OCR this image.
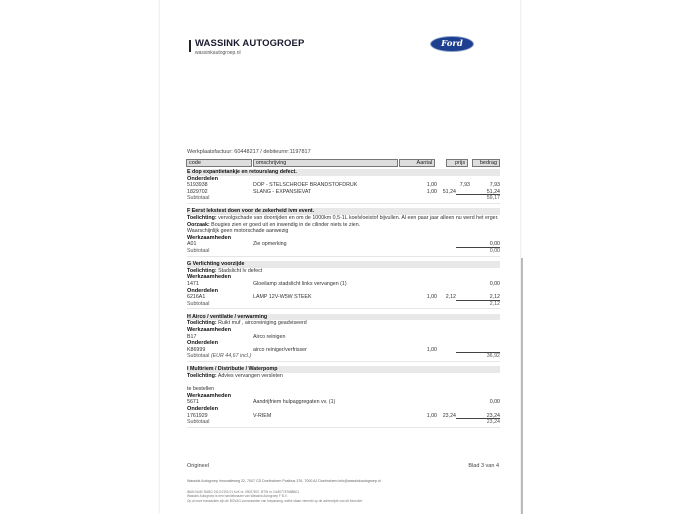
WASSINK AUTOGROEP
wassinkautogroep.nl
Ford
Werkplaatsfactuur: 60448217 / debiteurnr:1197817
code	omschrijving	Aantal	prijs	bedrag
E dop expantietankje en retourslang defect.
Onderdelen
5193938	DOP - STELSCHROEF BRANDSTOFDRUK	1,00	7,93	7,93
1829702	SLANG - EXPANSIEVAT	1,00	51,24	51,24
Subtotaal	59,17
F Eerst lekstest doen voor de zekerheid ivm event.
Toelichting: vervolgschade van doorrijden en om de 1000km 0,5-1L koelvloeistof bijvullen. Al een paar jaar alleen nu werd het erger.
Oorzaak: Bougies zien er goed uit en inwendig in de cilinder niets te zien.
Waarschijnlijk geen motorschade aanwezig
Werkzaamheden
A01	Zie opmerking	0,00
Subtotaal	0,00
G Verlichting voorzijde
Toelichting: Stadslicht lv defect
Werkzaamheden
1471	Gloeilamp stadslicht links vervangen (1)	0,00
Onderdelen
6216A1	LAMP 12V-W5W STEEK	1,00	2,12	2,12
Subtotaal	2,12
H Airco / ventilatie / verwarming
Toelichting: Ruikt muf , aircoreiniging geadviseerd
Werkzaamheden
B17	Airco reinigen
Onderdelen
K86999	airco reiniger/verfrisser	1,00
Subtotaal (EUR 44,67 incl.)	36,92
I Multiriem / Distributie / Waterpomp
Toelichting: Advies vervangen versleten
te bestellen
Werkzaamheden
5671	Aandrijfriem hulpaggregaten vv. (1)	0,00
Onderdelen
1761929	V-RIEM	1,00	23,24	23,24
Subtotaal	23,24
Origineel	Blad 3 van 4
Wassink Autogroep Innovatieweg 22, 7007 CD Doetinchem Postbus 376, 7000 AJ Doetinchem info@wassinkautogroep.nl
IBAN NL80 RABO 0113 0193 01 KvK nr. 09027807, BTW nr. NL807787688B01
Wassink Autogroep is een handelsnaam van Wassink Autogroep F B.V.
Op al onze transacties zijn de BOVAG-voorwaarden van toepassing, welke staan vermeld op de achterzijde van dit formulier.
